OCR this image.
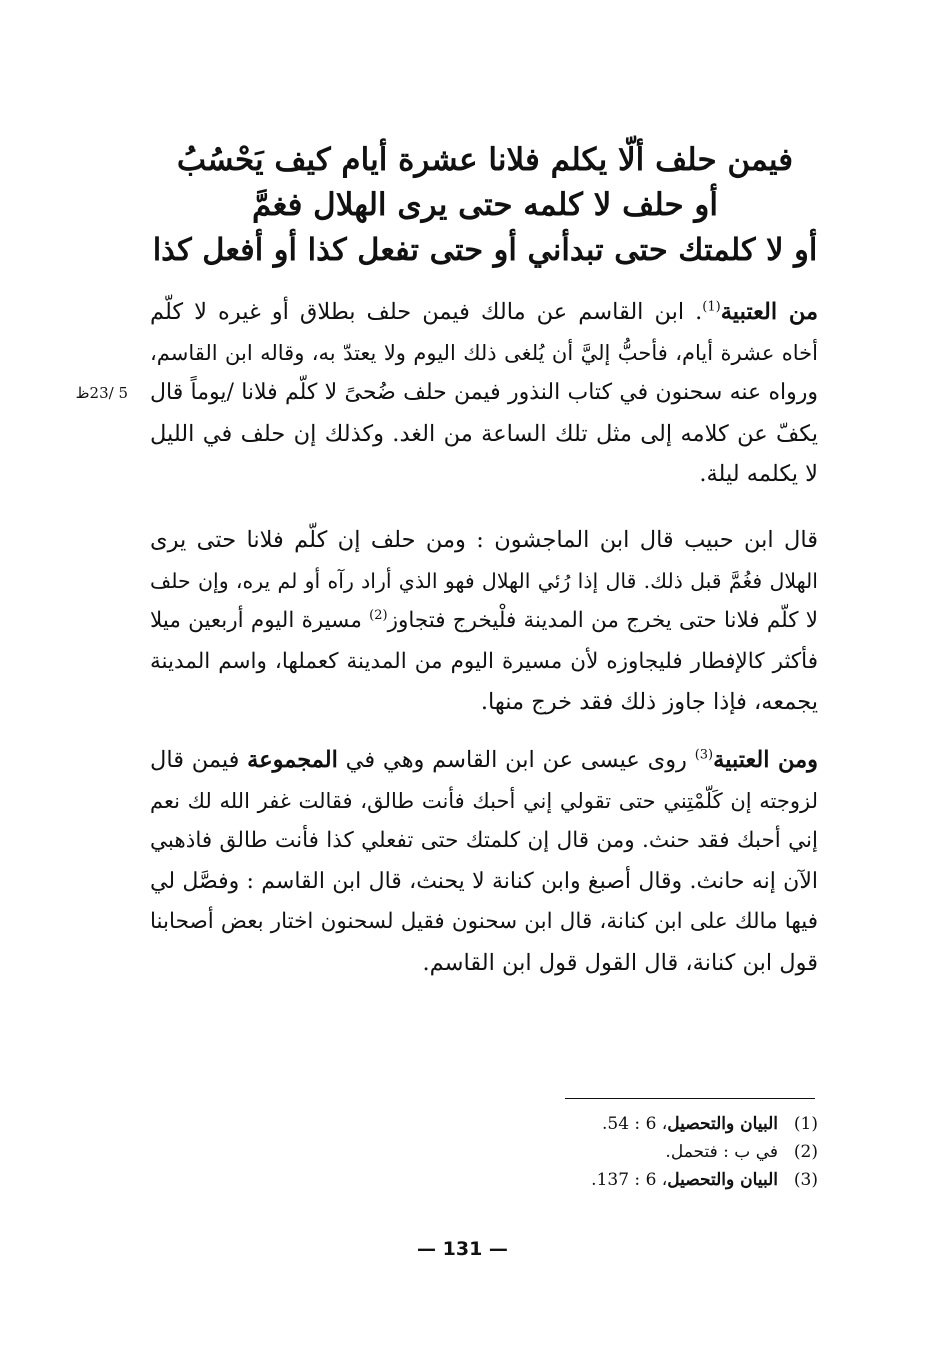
فيمن حلف ألّا يكلم فلانا عشرة أيام كيف يَحْسُبُ
أو حلف لا كلمه حتى يرى الهلال فغمَّ
أو لا كلمتك حتى تبدأني أو حتى تفعل كذا أو أفعل كذا
من العتبية$^{(1)}$. ابن القاسم عن مالك فيمن حلف بطلاق أو غيره لا كلّم
أخاه عشرة أيام، فأحبُّ إليَّ أن يُلغى ذلك اليوم ولا يعتدّ به، وقاله ابن القاسم،
ورواه عنه سحنون في كتاب النذور فيمن حلف ضُحىً لا كلّم فلانا /يوماً قال
يكفّ عن كلامه إلى مثل تلك الساعة من الغد. وكذلك إن حلف في الليل
لا يكلمه ليلة.
5 /23ظ
قال ابن حبيب قال ابن الماجشون : ومن حلف إن كلّم فلانا حتى يرى
الهلال فغُمَّ قبل ذلك. قال إذا رُئي الهلال فهو الذي أراد رآه أو لم يره، وإن حلف
لا كلّم فلانا حتى يخرج من المدينة فلْيخرج فتجاوز$^{(2)}$ مسيرة اليوم أربعين ميلا
فأكثر كالإفطار فليجاوزه لأن مسيرة اليوم من المدينة كعملها، واسم المدينة
يجمعه، فإذا جاوز ذلك فقد خرج منها.
ومن العتبية$^{(3)}$ روى عيسى عن ابن القاسم وهي في المجموعة فيمن قال
لزوجته إن كَلّمْتِني حتى تقولي إني أحبك فأنت طالق، فقالت غفر الله لك نعم
إني أحبك فقد حنث. ومن قال إن كلمتك حتى تفعلي كذا فأنت طالق فاذهبي
الآن إنه حانث. وقال أصبغ وابن كنانة لا يحنث، قال ابن القاسم : وفصَّل لي
فيها مالك على ابن كنانة، قال ابن سحنون فقيل لسحنون اختار بعض أصحابنا
قول ابن كنانة، قال القول قول ابن القاسم.
(1)البيان والتحصيل، 6 : 54.
(2)في ب : فتحمل.
(3)البيان والتحصيل، 6 : 137.
— 131 —
